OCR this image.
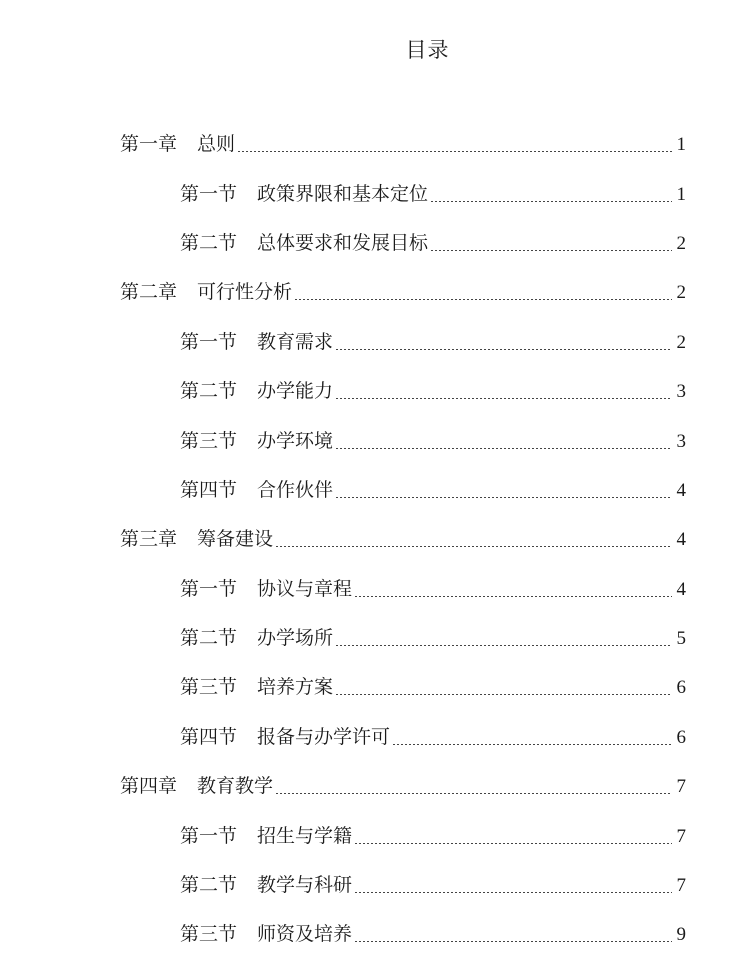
目录
第一章 总则	1
第一节 政策界限和基本定位	1
第二节 总体要求和发展目标	2
第二章 可行性分析	2
第一节 教育需求	2
第二节 办学能力	3
第三节 办学环境	3
第四节 合作伙伴	4
第三章 筹备建设	4
第一节 协议与章程	4
第二节 办学场所	5
第三节 培养方案	6
第四节 报备与办学许可	6
第四章 教育教学	7
第一节 招生与学籍	7
第二节 教学与科研	7
第三节 师资及培养	9
